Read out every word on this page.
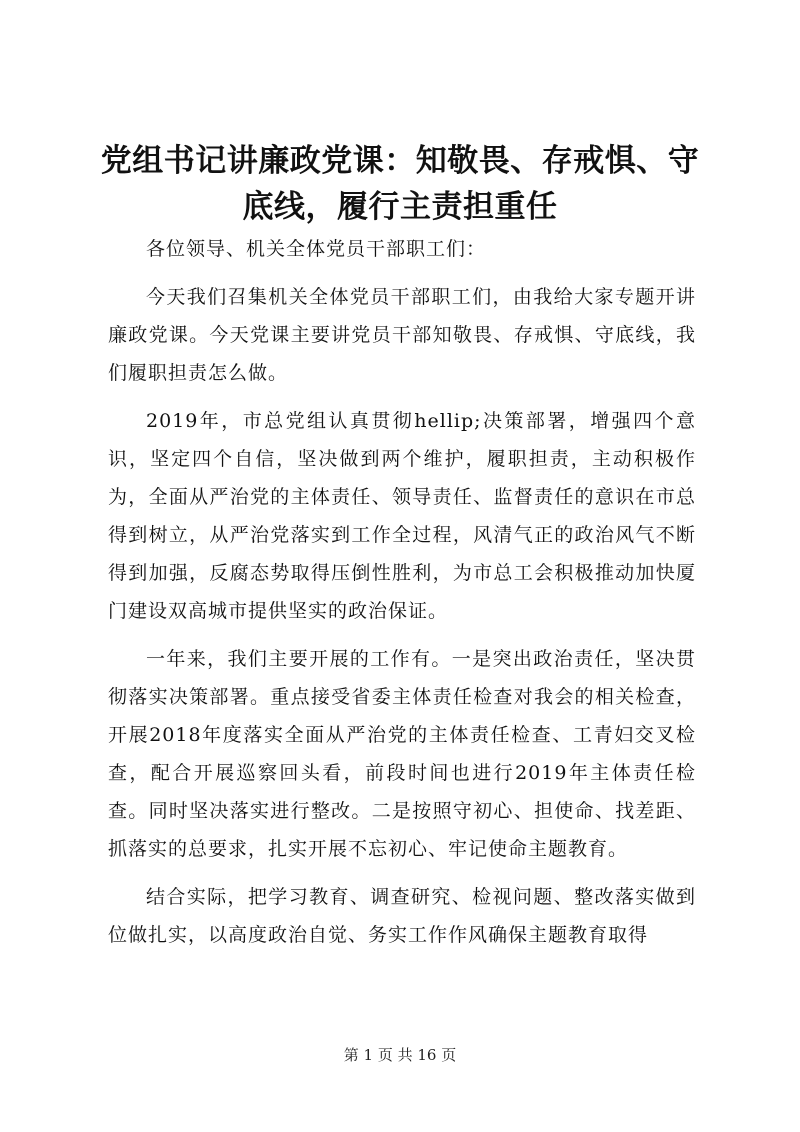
党组书记讲廉政党课：知敬畏、存戒惧、守底线，履行主责担重任

各位领导、机关全体党员干部职工们：

今天我们召集机关全体党员干部职工们，由我给大家专题开讲廉政党课。今天党课主要讲党员干部知敬畏、存戒惧、守底线，我们履职担责怎么做。

2019年，市总党组认真贯彻hellip;决策部署，增强四个意识，坚定四个自信，坚决做到两个维护，履职担责，主动积极作为，全面从严治党的主体责任、领导责任、监督责任的意识在市总得到树立，从严治党落实到工作全过程，风清气正的政治风气不断得到加强，反腐态势取得压倒性胜利，为市总工会积极推动加快厦门建设双高城市提供坚实的政治保证。

一年来，我们主要开展的工作有。一是突出政治责任，坚决贯彻落实决策部署。重点接受省委主体责任检查对我会的相关检查，开展2018年度落实全面从严治党的主体责任检查、工青妇交叉检查，配合开展巡察回头看，前段时间也进行2019年主体责任检查。同时坚决落实进行整改。二是按照守初心、担使命、找差距、抓落实的总要求，扎实开展不忘初心、牢记使命主题教育。

结合实际，把学习教育、调查研究、检视问题、整改落实做到位做扎实，以高度政治自觉、务实工作作风确保主题教育取得

第 1 页 共 16 页
